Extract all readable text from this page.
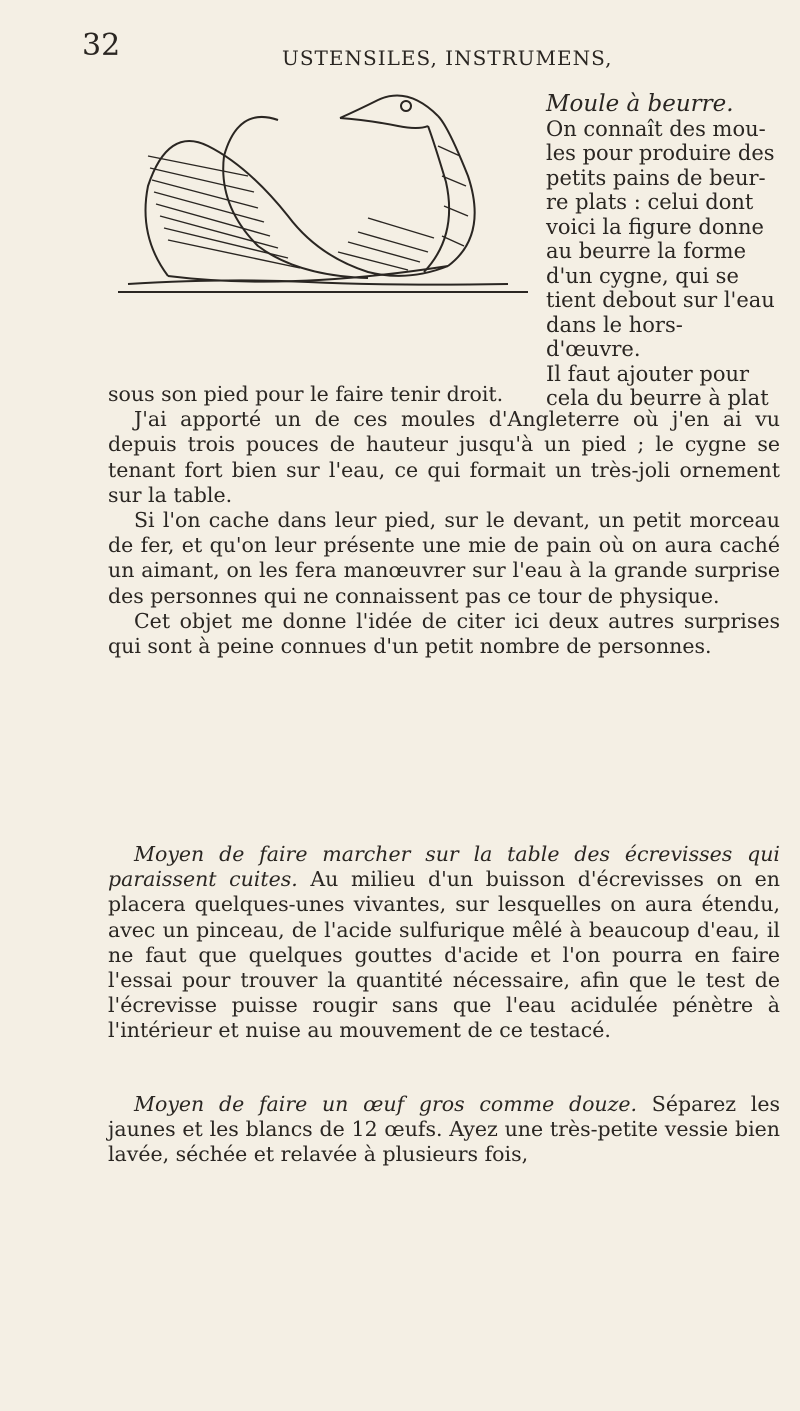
32	USTENSILES, INSTRUMENS,
Moule à beurre.
On connaît des mou-
les pour produire des
petits pains de beur-
re plats : celui dont
voici la figure donne
au beurre la forme
d'un cygne, qui se
tient debout sur l'eau
dans le hors-d'œuvre.
Il faut ajouter pour
cela du beurre à plat
sous son pied pour le faire tenir droit.
J'ai apporté un de ces moules d'Angleterre où j'en ai vu depuis trois pouces de hauteur jusqu'à un pied ; le cygne se tenant fort bien sur l'eau, ce qui formait un très-joli ornement sur la table.
Si l'on cache dans leur pied, sur le devant, un petit morceau de fer, et qu'on leur présente une mie de pain où on aura caché un aimant, on les fera manœuvrer sur l'eau à la grande surprise des personnes qui ne connaissent pas ce tour de physique.
Cet objet me donne l'idée de citer ici deux autres surprises qui sont à peine connues d'un petit nombre de personnes.
Moyen de faire marcher sur la table des écrevisses qui paraissent cuites. Au milieu d'un buisson d'écrevisses on en placera quelques-unes vivantes, sur lesquelles on aura étendu, avec un pinceau, de l'acide sulfurique mêlé à beaucoup d'eau, il ne faut que quelques gouttes d'acide et l'on pourra en faire l'essai pour trouver la quantité nécessaire, afin que le test de l'écrevisse puisse rougir sans que l'eau acidulée pénètre à l'intérieur et nuise au mouvement de ce testacé.
Moyen de faire un œuf gros comme douze. Séparez les jaunes et les blancs de 12 œufs. Ayez une très-petite vessie bien lavée, séchée et relavée à plusieurs fois,
